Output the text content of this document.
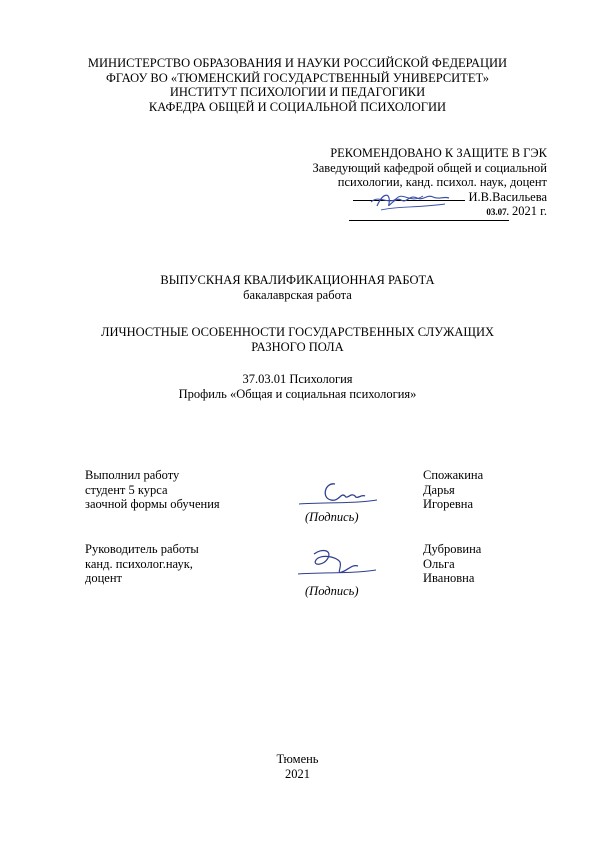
МИНИСТЕРСТВО ОБРАЗОВАНИЯ И НАУКИ РОССИЙСКОЙ ФЕДЕРАЦИИ
ФГАОУ ВО «ТЮМЕНСКИЙ ГОСУДАРСТВЕННЫЙ УНИВЕРСИТЕТ»
ИНСТИТУТ ПСИХОЛОГИИ И ПЕДАГОГИКИ
КАФЕДРА ОБЩЕЙ И СОЦИАЛЬНОЙ ПСИХОЛОГИИ
РЕКОМЕНДОВАНО К ЗАЩИТЕ В ГЭК
Заведующий кафедрой общей и социальной
психологии, канд. психол. наук, доцент
И.В.Васильева
03.07. 2021 г.
ВЫПУСКНАЯ КВАЛИФИКАЦИОННАЯ РАБОТА
бакалаврская работа
ЛИЧНОСТНЫЕ ОСОБЕННОСТИ ГОСУДАРСТВЕННЫХ СЛУЖАЩИХ
РАЗНОГО ПОЛА
37.03.01 Психология
Профиль «Общая и социальная психология»
Выполнил работу
студент 5 курса
заочной формы обучения
(Подпись)
Спожакина
Дарья
Игоревна
Руководитель работы
канд. психолог.наук,
доцент
(Подпись)
Дубровина
Ольга
Ивановна
Тюмень
2021
